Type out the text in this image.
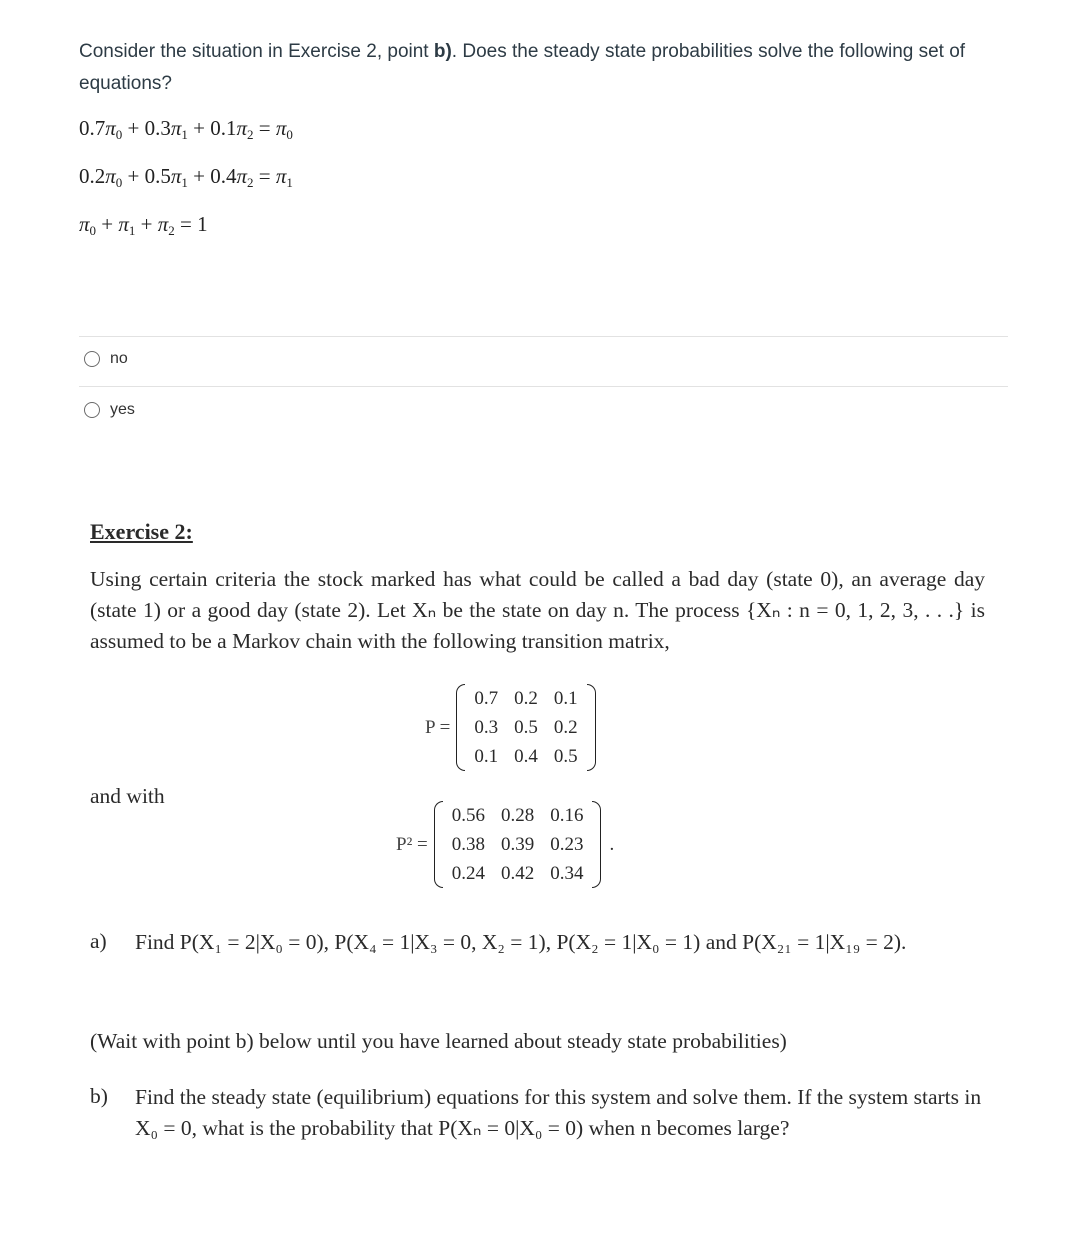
Consider the situation in Exercise 2, point b). Does the steady state probabilities solve the following set of equations?
$0.7\pi_0 + 0.3\pi_1 + 0.1\pi_2 = \pi_0$
$0.2\pi_0 + 0.5\pi_1 + 0.4\pi_2 = \pi_1$
$\pi_0 + \pi_1 + \pi_2 = 1$
no
yes
Exercise 2:
Using certain criteria the stock marked has what could be called a bad day (state 0), an average day (state 1) or a good day (state 2). Let Xₙ be the state on day n. The process {Xₙ : n = 0, 1, 2, 3, . . .} is assumed to be a Markov chain with the following transition matrix,
P =
0.7	0.2	0.1
0.3	0.5	0.2
0.1	0.4	0.5
and with
P² =
0.56	0.28	0.16
0.38	0.39	0.23
0.24	0.42	0.34
.
a) Find P(X₁ = 2|X₀ = 0), P(X₄ = 1|X₃ = 0, X₂ = 1), P(X₂ = 1|X₀ = 1) and P(X₂₁ = 1|X₁₉ = 2).
(Wait with point b) below until you have learned about steady state probabilities)
b) Find the steady state (equilibrium) equations for this system and solve them. If the system starts in X₀ = 0, what is the probability that P(Xₙ = 0|X₀ = 0) when n becomes large?
